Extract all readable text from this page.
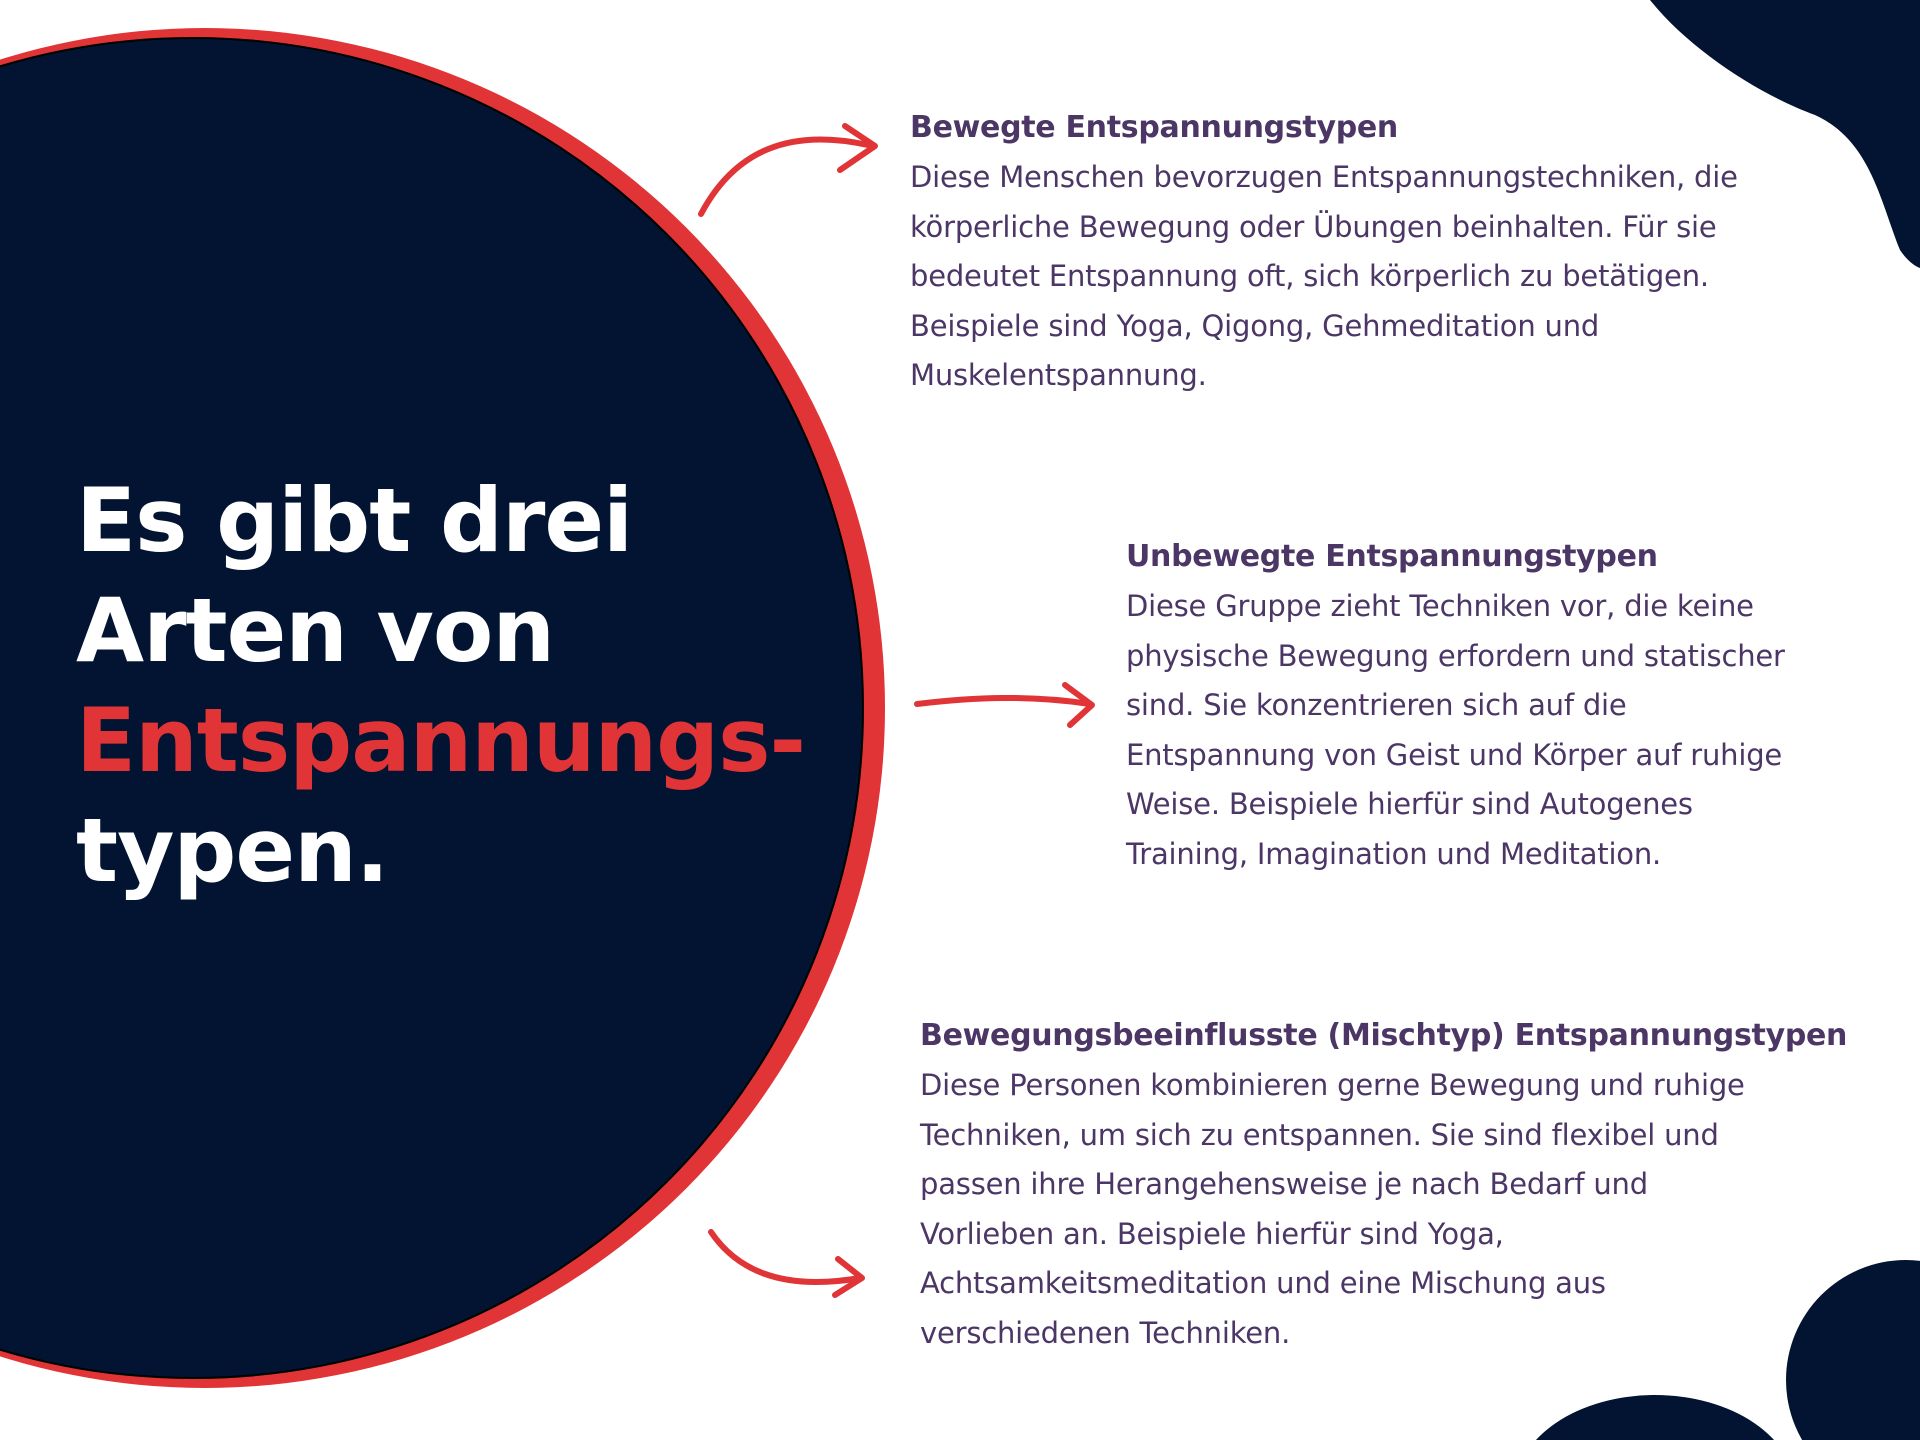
Es gibt drei
Arten von
Entspannungs-
typen.
Bewegte Entspannungstypen
Diese Menschen bevorzugen Entspannungstechniken, die
körperliche Bewegung oder Übungen beinhalten. Für sie
bedeutet Entspannung oft, sich körperlich zu betätigen.
Beispiele sind Yoga, Qigong, Gehmeditation und
Muskelentspannung.
Unbewegte Entspannungstypen
Diese Gruppe zieht Techniken vor, die keine
physische Bewegung erfordern und statischer
sind. Sie konzentrieren sich auf die
Entspannung von Geist und Körper auf ruhige
Weise. Beispiele hierfür sind Autogenes
Training, Imagination und Meditation.
Bewegungsbeeinflusste (Mischtyp) Entspannungstypen
Diese Personen kombinieren gerne Bewegung und ruhige
Techniken, um sich zu entspannen. Sie sind flexibel und
passen ihre Herangehensweise je nach Bedarf und
Vorlieben an. Beispiele hierfür sind Yoga,
Achtsamkeitsmeditation und eine Mischung aus
verschiedenen Techniken.
